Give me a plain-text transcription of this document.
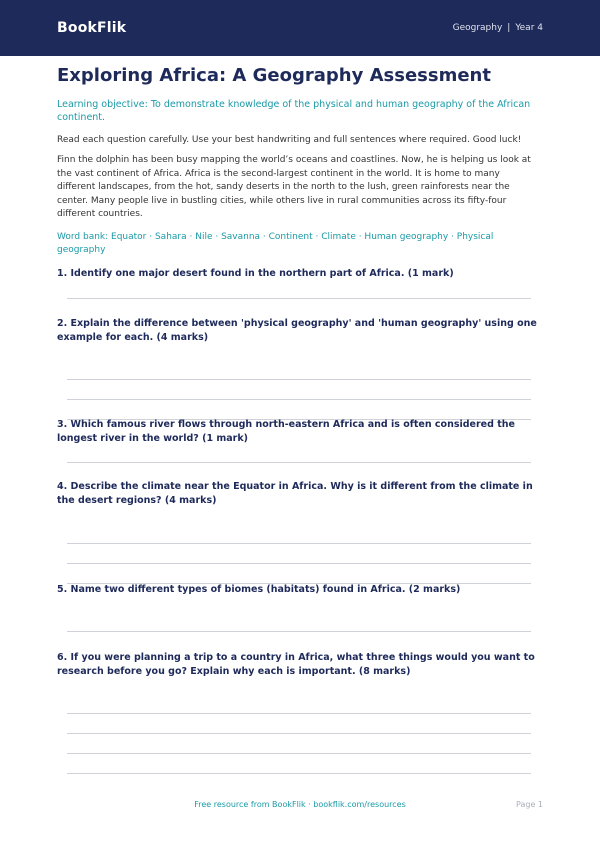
BookFlik	Geography | Year 4
Exploring Africa: A Geography Assessment

Learning objective: To demonstrate knowledge of the physical and human geography of the African continent.

Read each question carefully. Use your best handwriting and full sentences where required. Good luck!

Finn the dolphin has been busy mapping the world’s oceans and coastlines. Now, he is helping us look at the vast continent of Africa. Africa is the second-largest continent in the world. It is home to many different landscapes, from the hot, sandy deserts in the north to the lush, green rainforests near the center. Many people live in bustling cities, while others live in rural communities across its fifty-four different countries.

Word bank: Equator · Sahara · Nile · Savanna · Continent · Climate · Human geography · Physical geography

1. Identify one major desert found in the northern part of Africa. (1 mark)
2. Explain the difference between 'physical geography' and 'human geography' using one example for each. (4 marks)
3. Which famous river flows through north-eastern Africa and is often considered the longest river in the world? (1 mark)
4. Describe the climate near the Equator in Africa. Why is it different from the climate in the desert regions? (4 marks)
5. Name two different types of biomes (habitats) found in Africa. (2 marks)
6. If you were planning a trip to a country in Africa, what three things would you want to research before you go? Explain why each is important. (8 marks)
Free resource from BookFlik · bookflik.com/resources	Page 1
